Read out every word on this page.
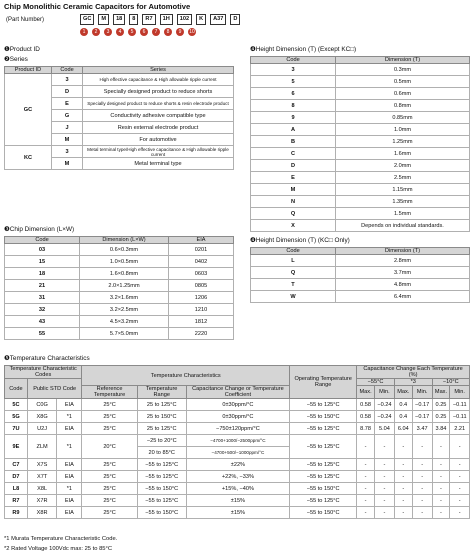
Chip Monolithic Ceramic Capacitors for Automotive
(Part Number)	GC	M	18	8	R7	1H	102	K	A37	D
1	2	3	4	5	6	7	8	9	10
❶Product ID
❷Series
Product ID	Code	Series
GC	3	High effective capacitance & High allowable ripple current
	D	Specially designed product to reduce shorts
	E	Specially designed product to reduce shorts & resin electrode product
	G	Conductivity adhesive compatible type
	J	Resin external electrode product
	M	For automotive
KC	3	Metal terminal type/High effective capacitance & High allowable ripple current
	M	Metal terminal type
❸Chip Dimension (L×W)
Code	Dimension (L×W)	EIA
03	0.6×0.3mm	0201
15	1.0×0.5mm	0402
18	1.6×0.8mm	0603
21	2.0×1.25mm	0805
31	3.2×1.6mm	1206
32	3.2×2.5mm	1210
43	4.5×3.2mm	1812
55	5.7×5.0mm	2220
❹Height Dimension (T) (Except KC□)
Code	Dimension (T)
3	0.3mm
5	0.5mm
6	0.6mm
8	0.8mm
9	0.85mm
A	1.0mm
B	1.25mm
C	1.6mm
D	2.0mm
E	2.5mm
M	1.15mm
N	1.35mm
Q	1.5mm
X	Depends on individual standards.
❹Height Dimension (T) (KC□ Only)
Code	Dimension (T)
L	2.8mm
Q	3.7mm
T	4.8mm
W	6.4mm
❺Temperature Characteristics
Temperature Characteristic Codes			Temperature Characteristics			Operating Temperature Range	Capacitance Change Each Temperature (%)					
Code	Public STD Code						−55°C		*3		−10°C	
			Reference Temperature	Temperature Range	Capacitance Change or Temperature Coefficient		Max.	Min.	Max.	Min.	Max.	Min.
5C	C0G	EIA	25°C	25 to 125°C	0±30ppm/°C	−55 to 125°C	0.58	−0.24	0.4	−0.17	0.25	−0.11
5G	X8G	*1	25°C	25 to 150°C	0±30ppm/°C	−55 to 150°C	0.58	−0.24	0.4	−0.17	0.25	−0.11
7U	U2J	EIA	25°C	25 to 125°C	−750±120ppm/°C	−55 to 125°C	8.78	5.04	6.04	3.47	3.84	2.21
9E	ZLM	*1	20°C	−25 to 20°C	−4700+1000/−2500ppm/°C	−55 to 125°C	-	-	-	-	-	-
				20 to 85°C	−4700+500/−1000ppm/°C							
C7	X7S	EIA	25°C	−55 to 125°C	±22%	−55 to 125°C	-	-	-	-	-	-
D7	X7T	EIA	25°C	−55 to 125°C	+22%, −33%	−55 to 125°C	-	-	-	-	-	-
L8	X8L	*1	25°C	−55 to 150°C	+15%, −40%	−55 to 150°C	-	-	-	-	-	-
R7	X7R	EIA	25°C	−55 to 125°C	±15%	−55 to 125°C	-	-	-	-	-	-
R9	X8R	EIA	25°C	−55 to 150°C	±15%	−55 to 150°C	-	-	-	-	-	-
*1 Murata Temperature Characteristic Code.
*2 Rated Voltage 100Vdc max: 25 to 85°C
